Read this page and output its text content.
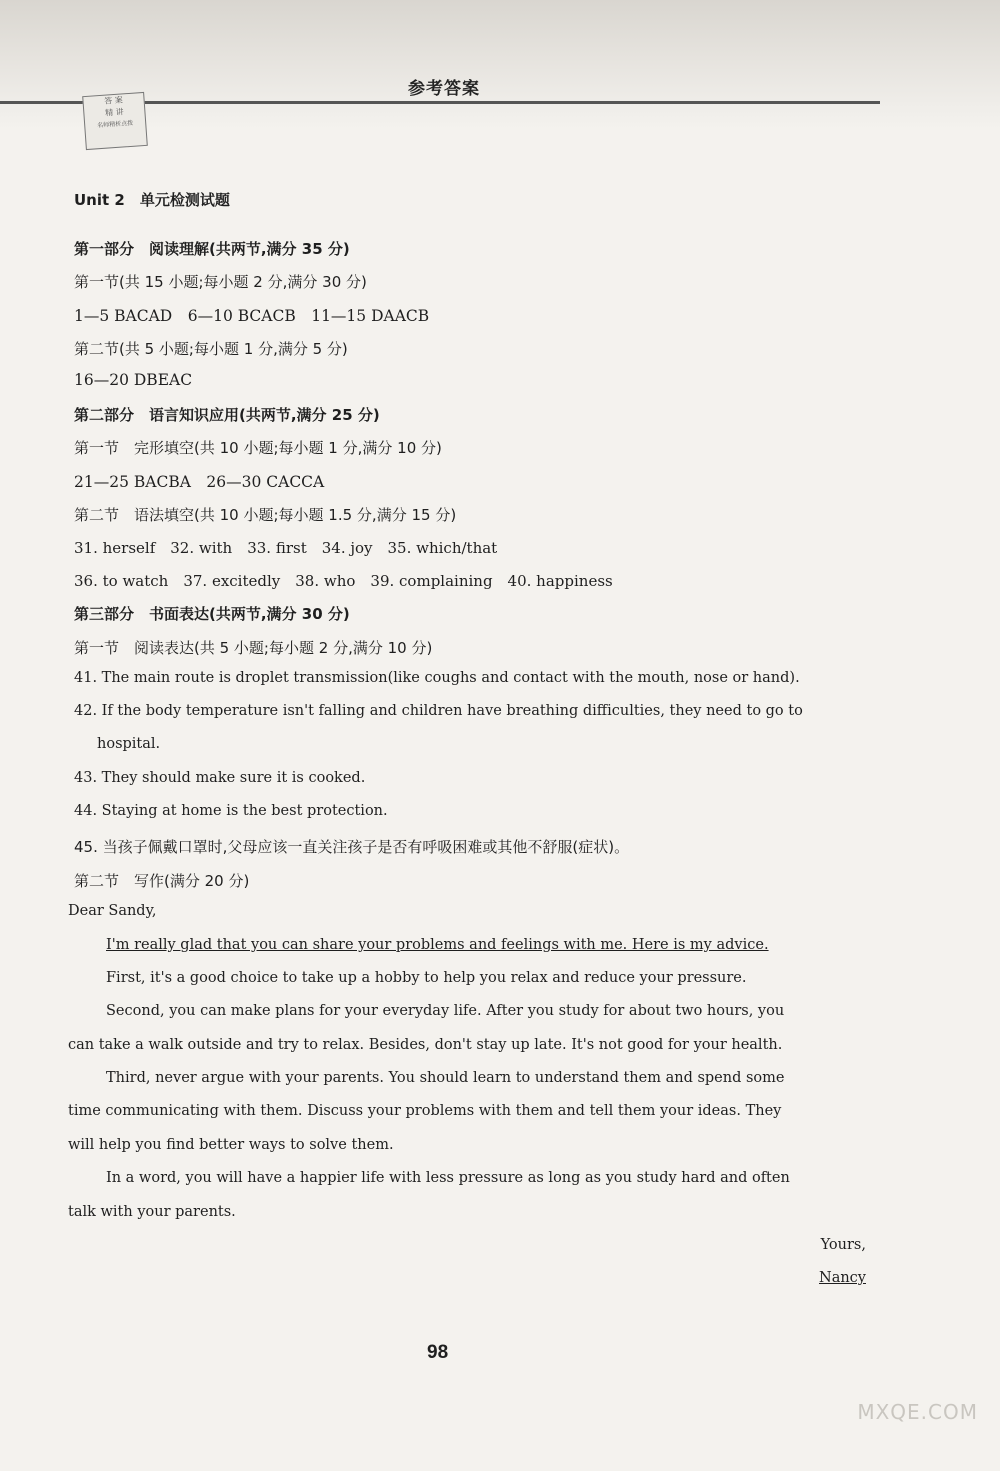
参考答案
答 案
精 讲
名师精析点拨
Unit 2　单元检测试题
第一部分　阅读理解(共两节,满分 35 分)
第一节(共 15 小题;每小题 2 分,满分 30 分)
1—5 BACAD　6—10 BCACB　11—15 DAACB
第二节(共 5 小题;每小题 1 分,满分 5 分)
16—20 DBEAC
第二部分　语言知识应用(共两节,满分 25 分)
第一节　完形填空(共 10 小题;每小题 1 分,满分 10 分)
21—25 BACBA　26—30 CACCA
第二节　语法填空(共 10 小题;每小题 1.5 分,满分 15 分)
31. herself　32. with　33. first　34. joy　35. which/that
36. to watch　37. excitedly　38. who　39. complaining　40. happiness
第三部分　书面表达(共两节,满分 30 分)
第一节　阅读表达(共 5 小题;每小题 2 分,满分 10 分)
41. The main route is droplet transmission(like coughs and contact with the mouth, nose or hand).
42. If the body temperature isn't falling and children have breathing difficulties, they need to go to
hospital.
43. They should make sure it is cooked.
44. Staying at home is the best protection.
45. 当孩子佩戴口罩时,父母应该一直关注孩子是否有呼吸困难或其他不舒服(症状)。
第二节　写作(满分 20 分)
Dear Sandy,
I'm really glad that you can share your problems and feelings with me. Here is my advice.
First, it's a good choice to take up a hobby to help you relax and reduce your pressure.
Second, you can make plans for your everyday life. After you study for about two hours, you
can take a walk outside and try to relax. Besides, don't stay up late. It's not good for your health.
Third, never argue with your parents. You should learn to understand them and spend some
time communicating with them. Discuss your problems with them and tell them your ideas. They
will help you find better ways to solve them.
In a word, you will have a happier life with less pressure as long as you study hard and often
talk with your parents.
Yours,
Nancy
98
MXQE.COM
